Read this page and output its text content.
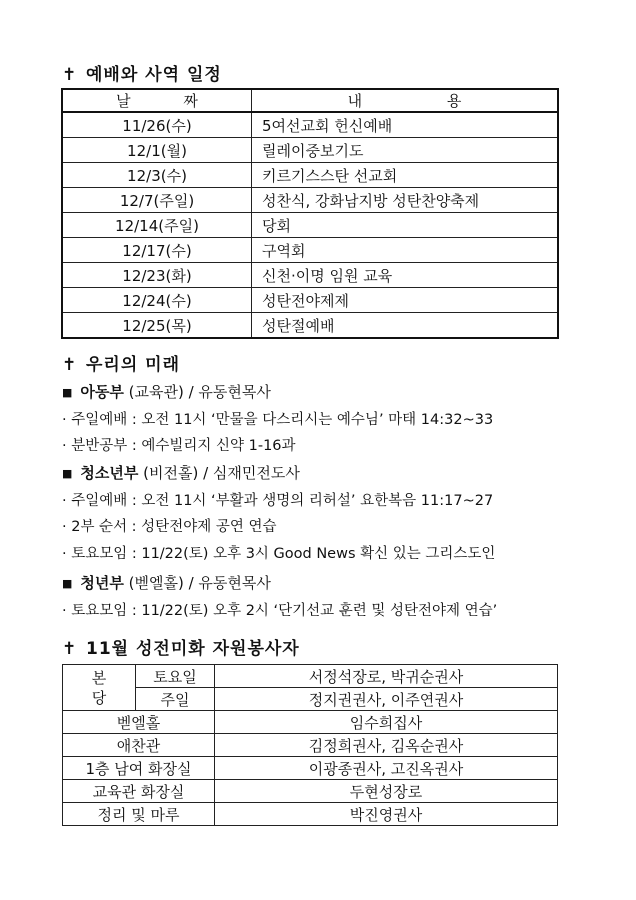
✝ 예배와 사역 일정
날 짜	내 용
11/26(수)	5여선교회 헌신예배
12/1(월)	릴레이중보기도
12/3(수)	키르기스스탄 선교회
12/7(주일)	성찬식, 강화남지방 성탄찬양축제
12/14(주일)	당회
12/17(수)	구역회
12/23(화)	신천·이명 임원 교육
12/24(수)	성탄전야제제
12/25(목)	성탄절예배
✝ 우리의 미래
■ 아동부 (교육관) / 유동현목사
· 주일예배 : 오전 11시 ‘만물을 다스리시는 예수님’ 마태 14:32~33
· 분반공부 : 예수빌리지 신약 1-16과
■ 청소년부 (비전홀) / 심재민전도사
· 주일예배 : 오전 11시 ‘부활과 생명의 리허설’ 요한복음 11:17~27
· 2부 순서 : 성탄전야제 공연 연습
· 토요모임 : 11/22(토) 오후 3시 Good News 확신 있는 그리스도인
■ 청년부 (벧엘홀) / 유동현목사
· 토요모임 : 11/22(토) 오후 2시 ‘단기선교 훈련 및 성탄전야제 연습’
✝ 11월 성전미화 자원봉사자
본
당	토요일	서정석장로, 박귀순권사
	주일	정지권권사, 이주연권사
벧엘홀		임수희집사
애찬관		김정희권사, 김옥순권사
1층 남여 화장실		이광종권사, 고진옥권사
교육관 화장실		두현성장로
정리 및 마루		박진영권사
